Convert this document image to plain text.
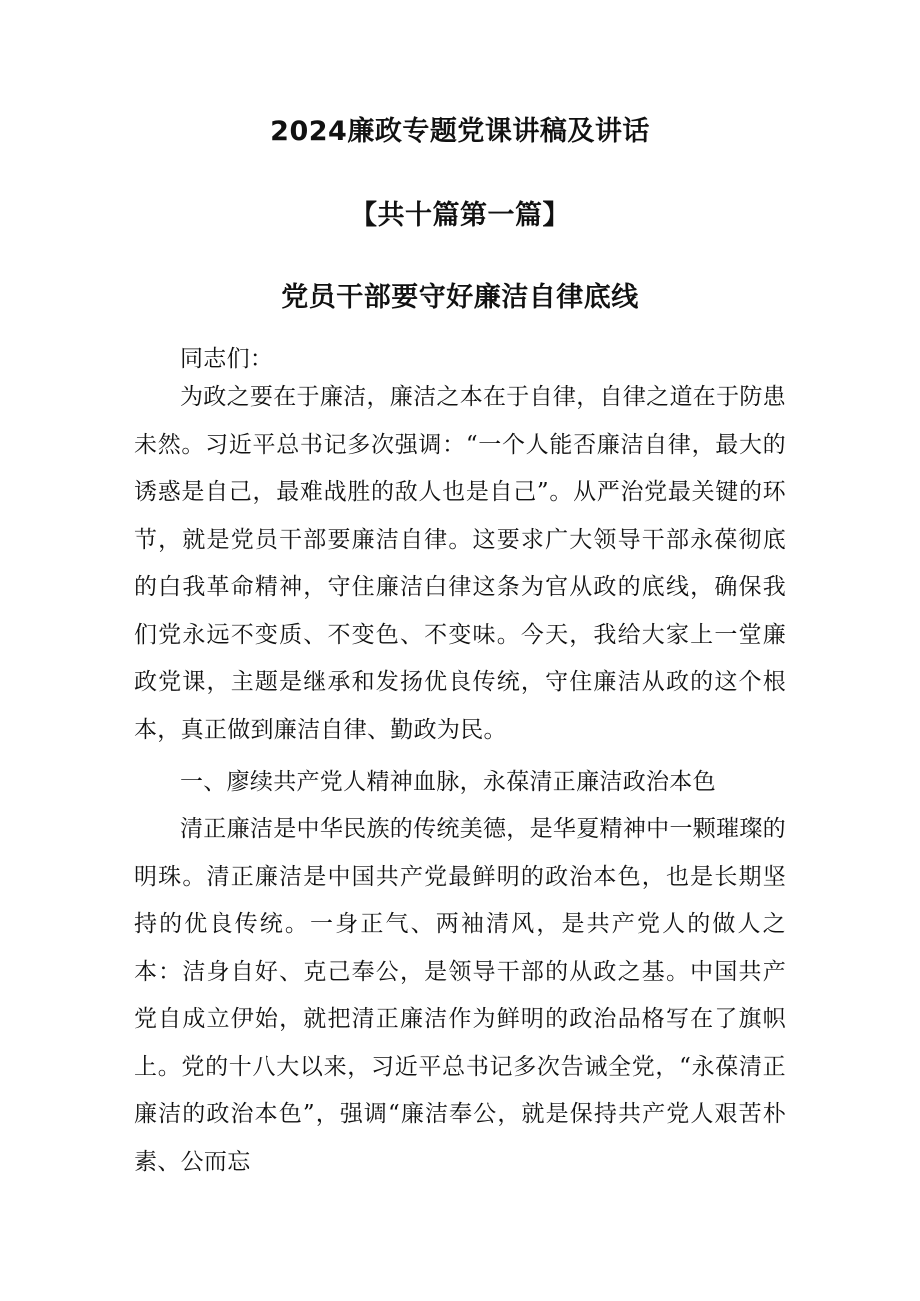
2024廉政专题党课讲稿及讲话
【共十篇第一篇】
党员干部要守好廉洁自律底线

同志们：

为政之要在于廉洁，廉洁之本在于自律，自律之道在于防患未然。习近平总书记多次强调：“一个人能否廉洁自律，最大的诱惑是自己，最难战胜的敌人也是自己”。从严治党最关键的环节，就是党员干部要廉洁自律。这要求广大领导干部永葆彻底的白我革命精神，守住廉洁白律这条为官从政的底线，确保我们党永远不变质、不变色、不变味。今天，我给大家上一堂廉政党课，主题是继承和发扬优良传统，守住廉洁从政的这个根本，真正做到廉洁自律、勤政为民。

一、廖续共产党人精神血脉，永葆清正廉洁政治本色

清正廉洁是中华民族的传统美德，是华夏精神中一颗璀璨的明珠。清正廉洁是中国共产党最鲜明的政治本色，也是长期坚持的优良传统。一身正气、两袖清风，是共产党人的做人之本：洁身自好、克己奉公，是领导干部的从政之基。中国共产党自成立伊始，就把清正廉洁作为鲜明的政治品格写在了旗帜上。党的十八大以来，习近平总书记多次告诫全党，“永葆清正廉洁的政治本色”，强调“廉洁奉公，就是保持共产党人艰苦朴素、公而忘
